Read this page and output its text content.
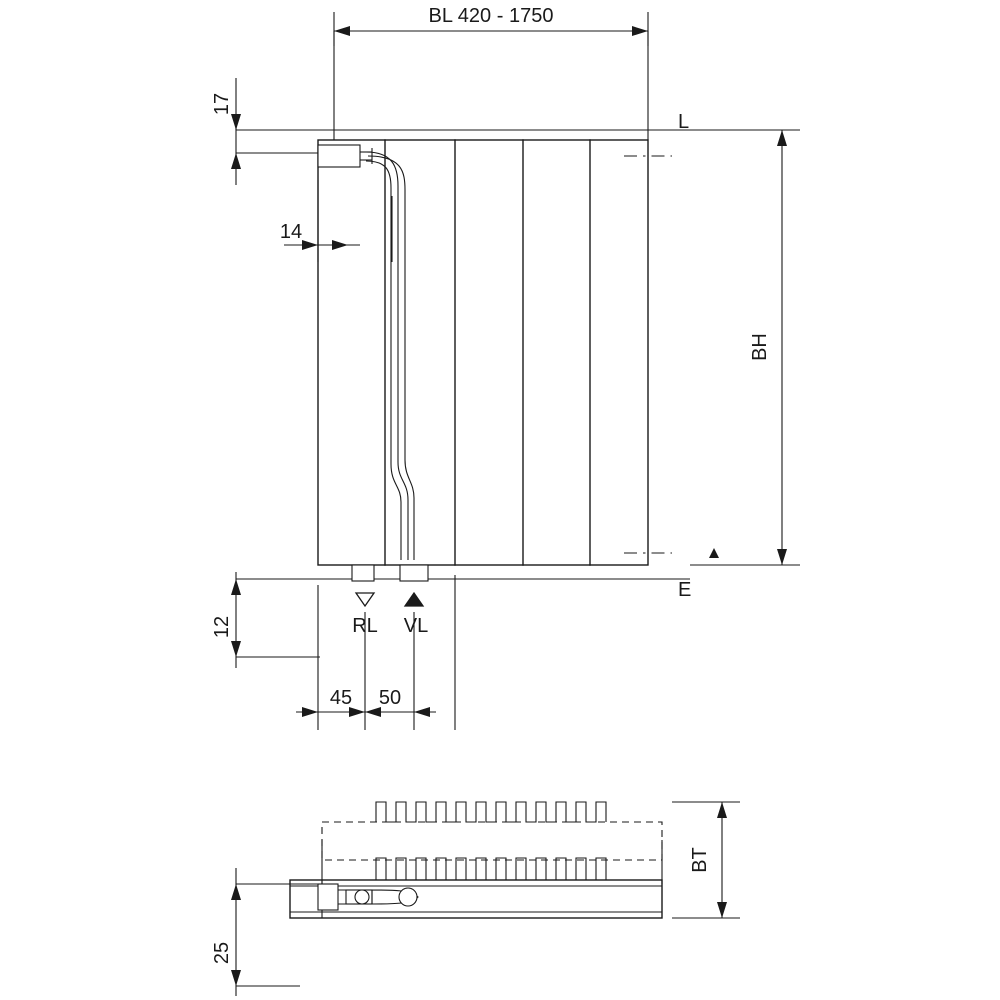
BL 420 - 1750
17
L
14
BH
E
RL VL
12
45 50
BT
25
